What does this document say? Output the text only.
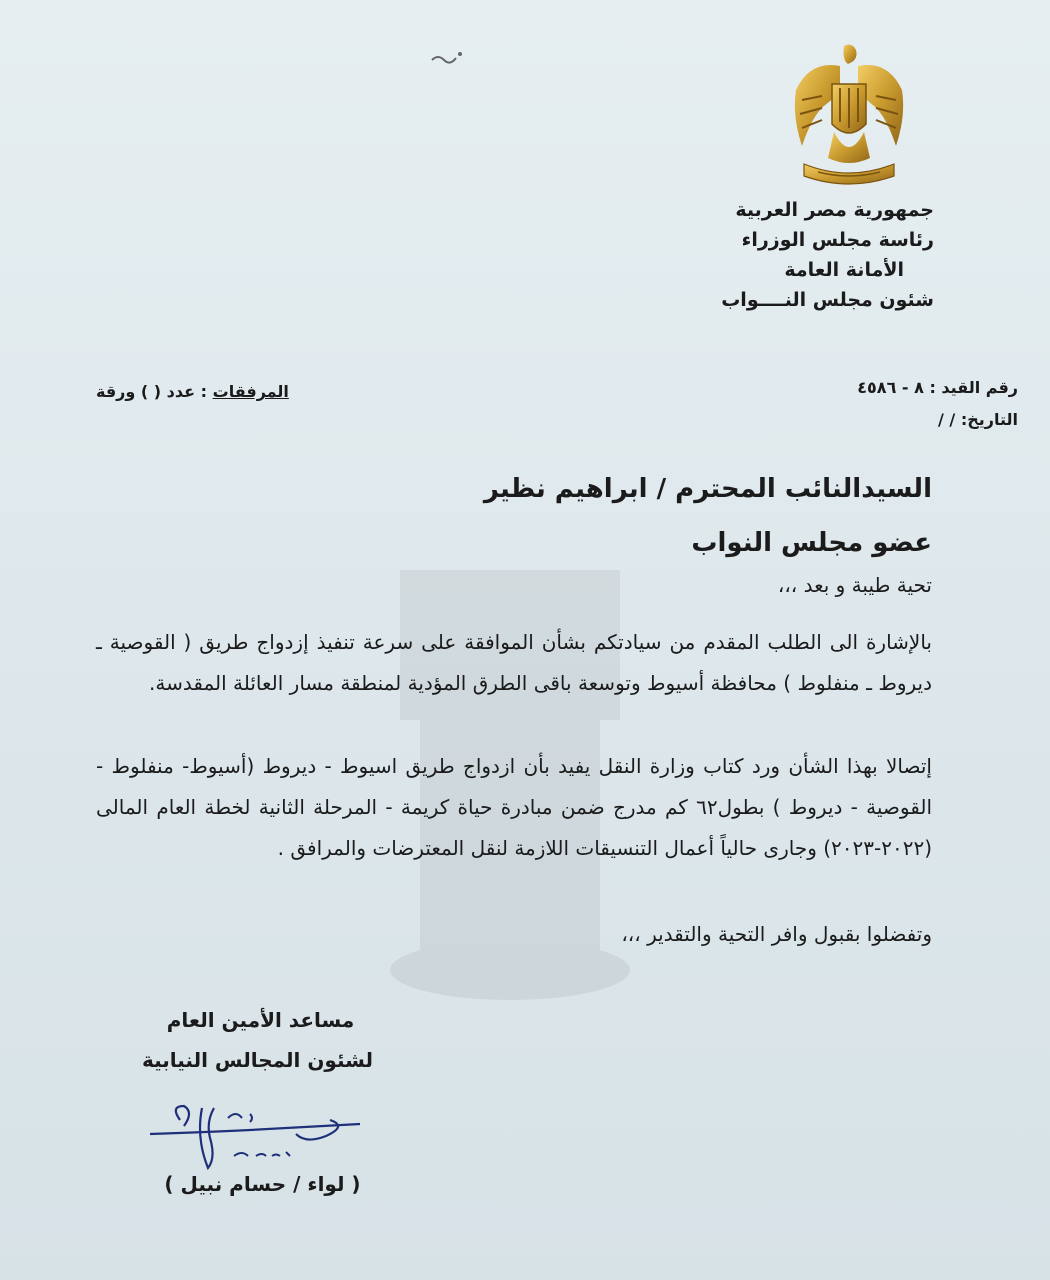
جمهورية مصر العربية
رئاسة مجلس الوزراء
الأمانة العامة
شئون مجلس النــــواب
رقم القيد : ٨ - ٤٥٨٦
التاريخ: / /
المرفقات : عدد ( ) ورقة
السيدالنائب المحترم / ابراهيم نظير
عضو مجلس النواب
تحية طيبة و بعد ،،،
بالإشارة الى الطلب المقدم من سيادتكم بشأن الموافقة على سرعة تنفيذ إزدواج طريق ( القوصية ـ ديروط ـ منفلوط ) محافظة أسيوط وتوسعة باقى الطرق المؤدية لمنطقة مسار العائلة المقدسة.
إتصالا بهذا الشأن ورد كتاب وزارة النقل يفيد بأن ازدواج طريق اسيوط - ديروط (أسيوط- منفلوط - القوصية - ديروط ) بطول٦٢ كم مدرج ضمن مبادرة حياة كريمة - المرحلة الثانية لخطة العام المالى (٢٠٢٢-٢٠٢٣) وجارى حالياً أعمال التنسيقات اللازمة لنقل المعترضات والمرافق .
وتفضلوا بقبول وافر التحية والتقدير ،،،
مساعد الأمين العام
لشئون المجالس النيابية
( لواء / حسام نبيل )
